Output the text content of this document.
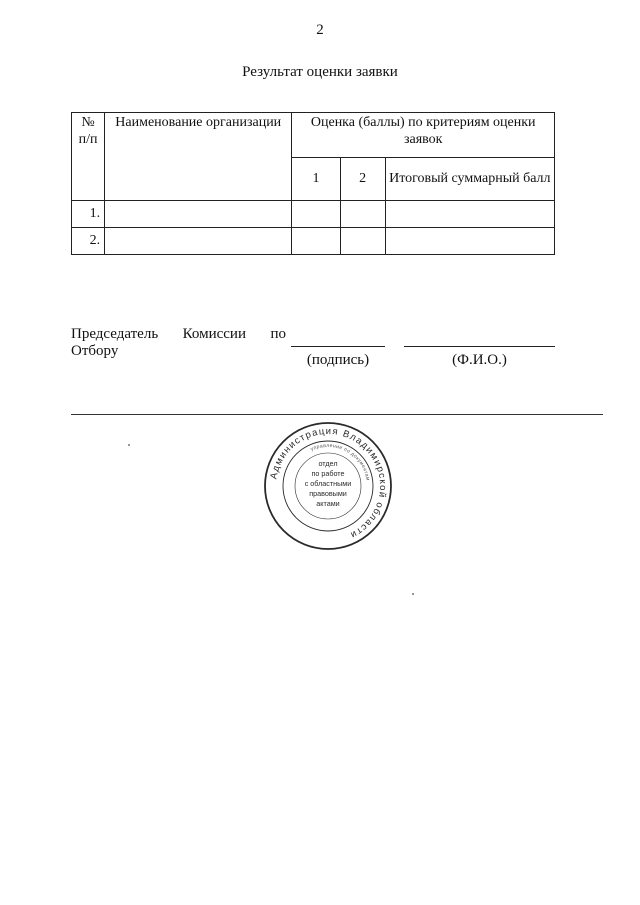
2
Результат оценки заявки
№ п/п	Наименование организации	Оценка (баллы) по критериям оценки заявок		
		1	2	Итоговый суммарный балл
1.				
2.				
Председатель Комиссии по
Отбору
(подпись)	(Ф.И.О.)
Администрация Владимирской области
управление по документам
отдел
по работе
с областными
правовыми
актами
